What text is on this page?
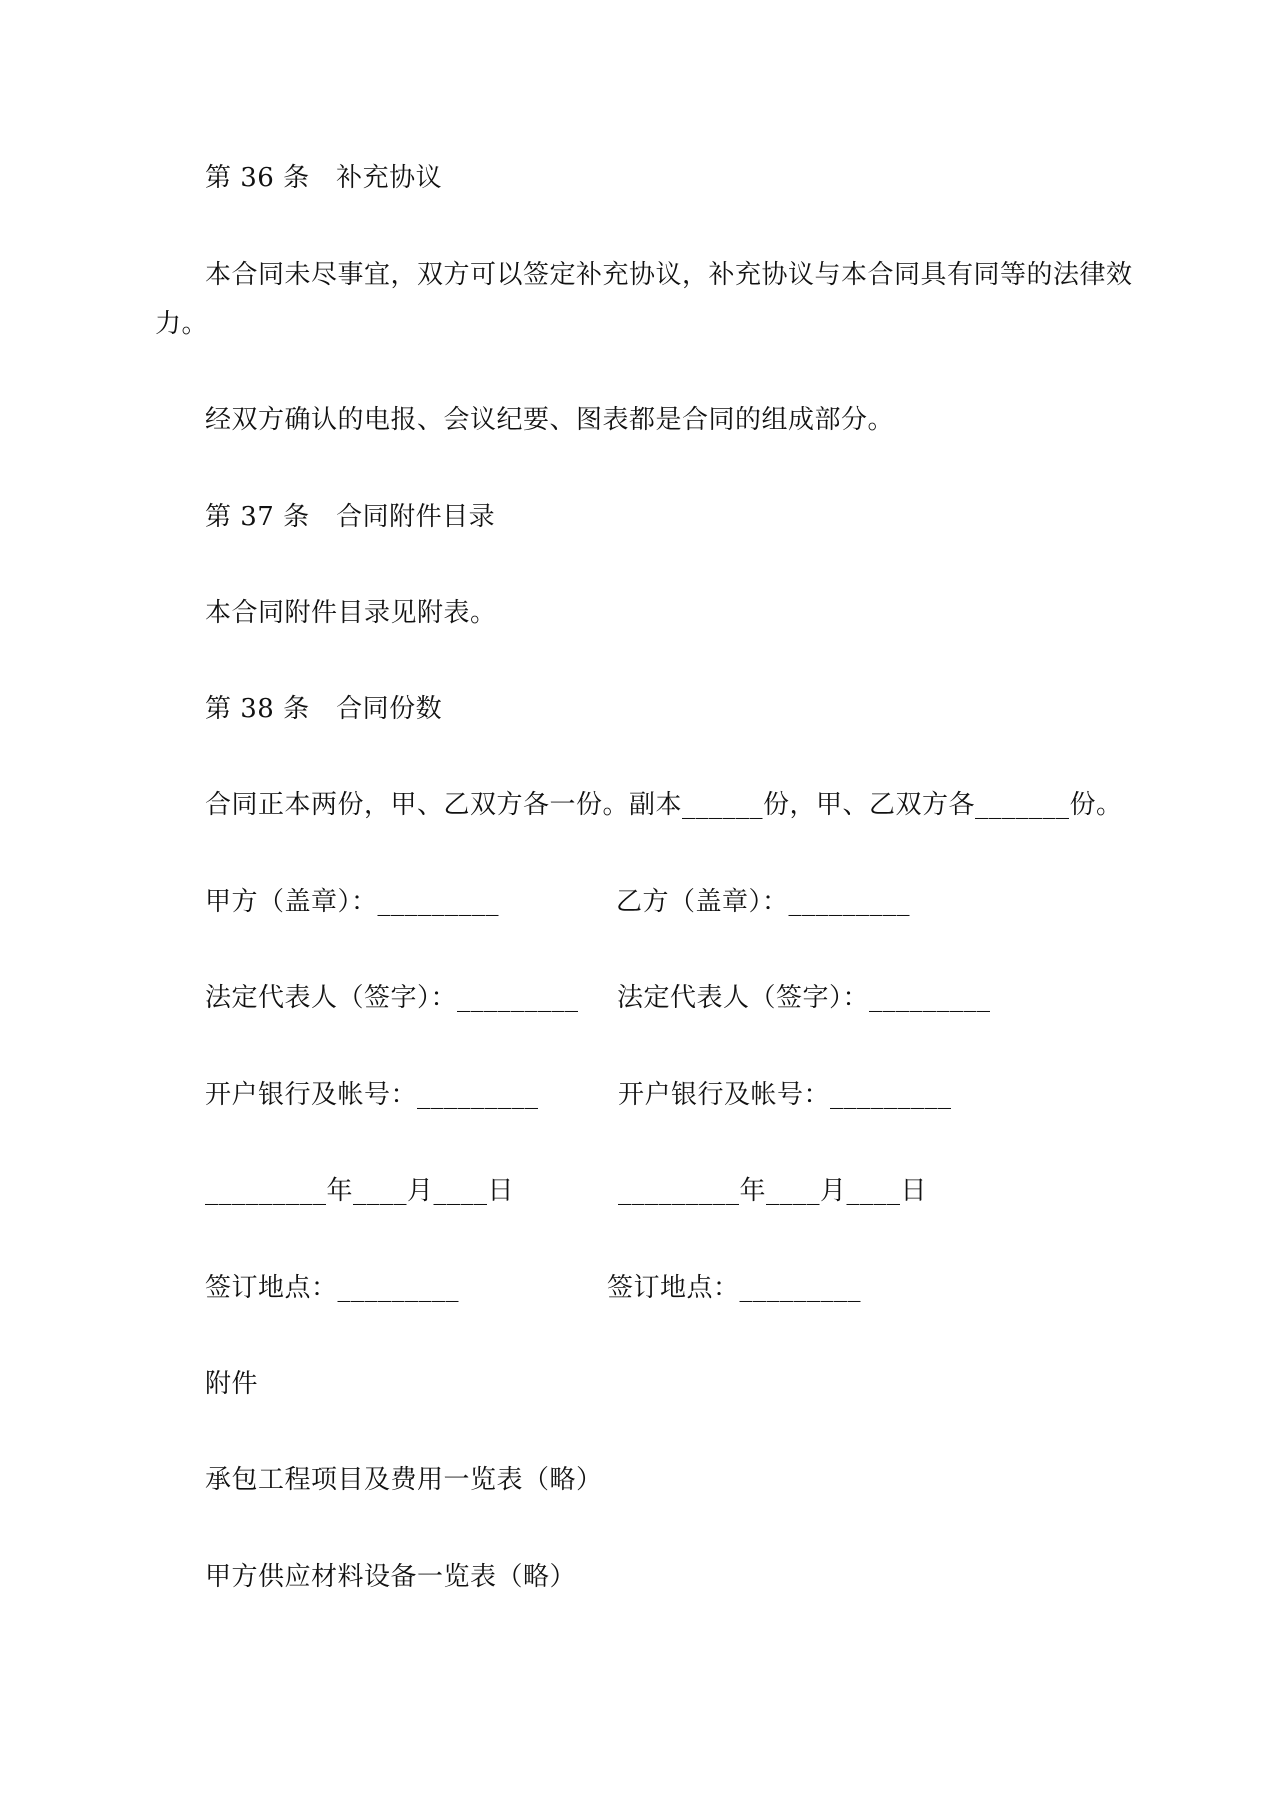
第 36 条　补充协议
本合同未尽事宜，双方可以签定补充协议，补充协议与本合同具有同等的法律效
力。
经双方确认的电报、会议纪要、图表都是合同的组成部分。
第 37 条　合同附件目录
本合同附件目录见附表。
第 38 条　合同份数
合同正本两份，甲、乙双方各一份。副本______份，甲、乙双方各_______份。
甲方（盖章）：_________	乙方（盖章）：_________
法定代表人（签字）：_________ 法定代表人（签字）：_________
开户银行及帐号：_________	开户银行及帐号：_________
_________年____月____日	_________年____月____日
签订地点：_________	签订地点：_________
附件
承包工程项目及费用一览表（略）
甲方供应材料设备一览表（略）
